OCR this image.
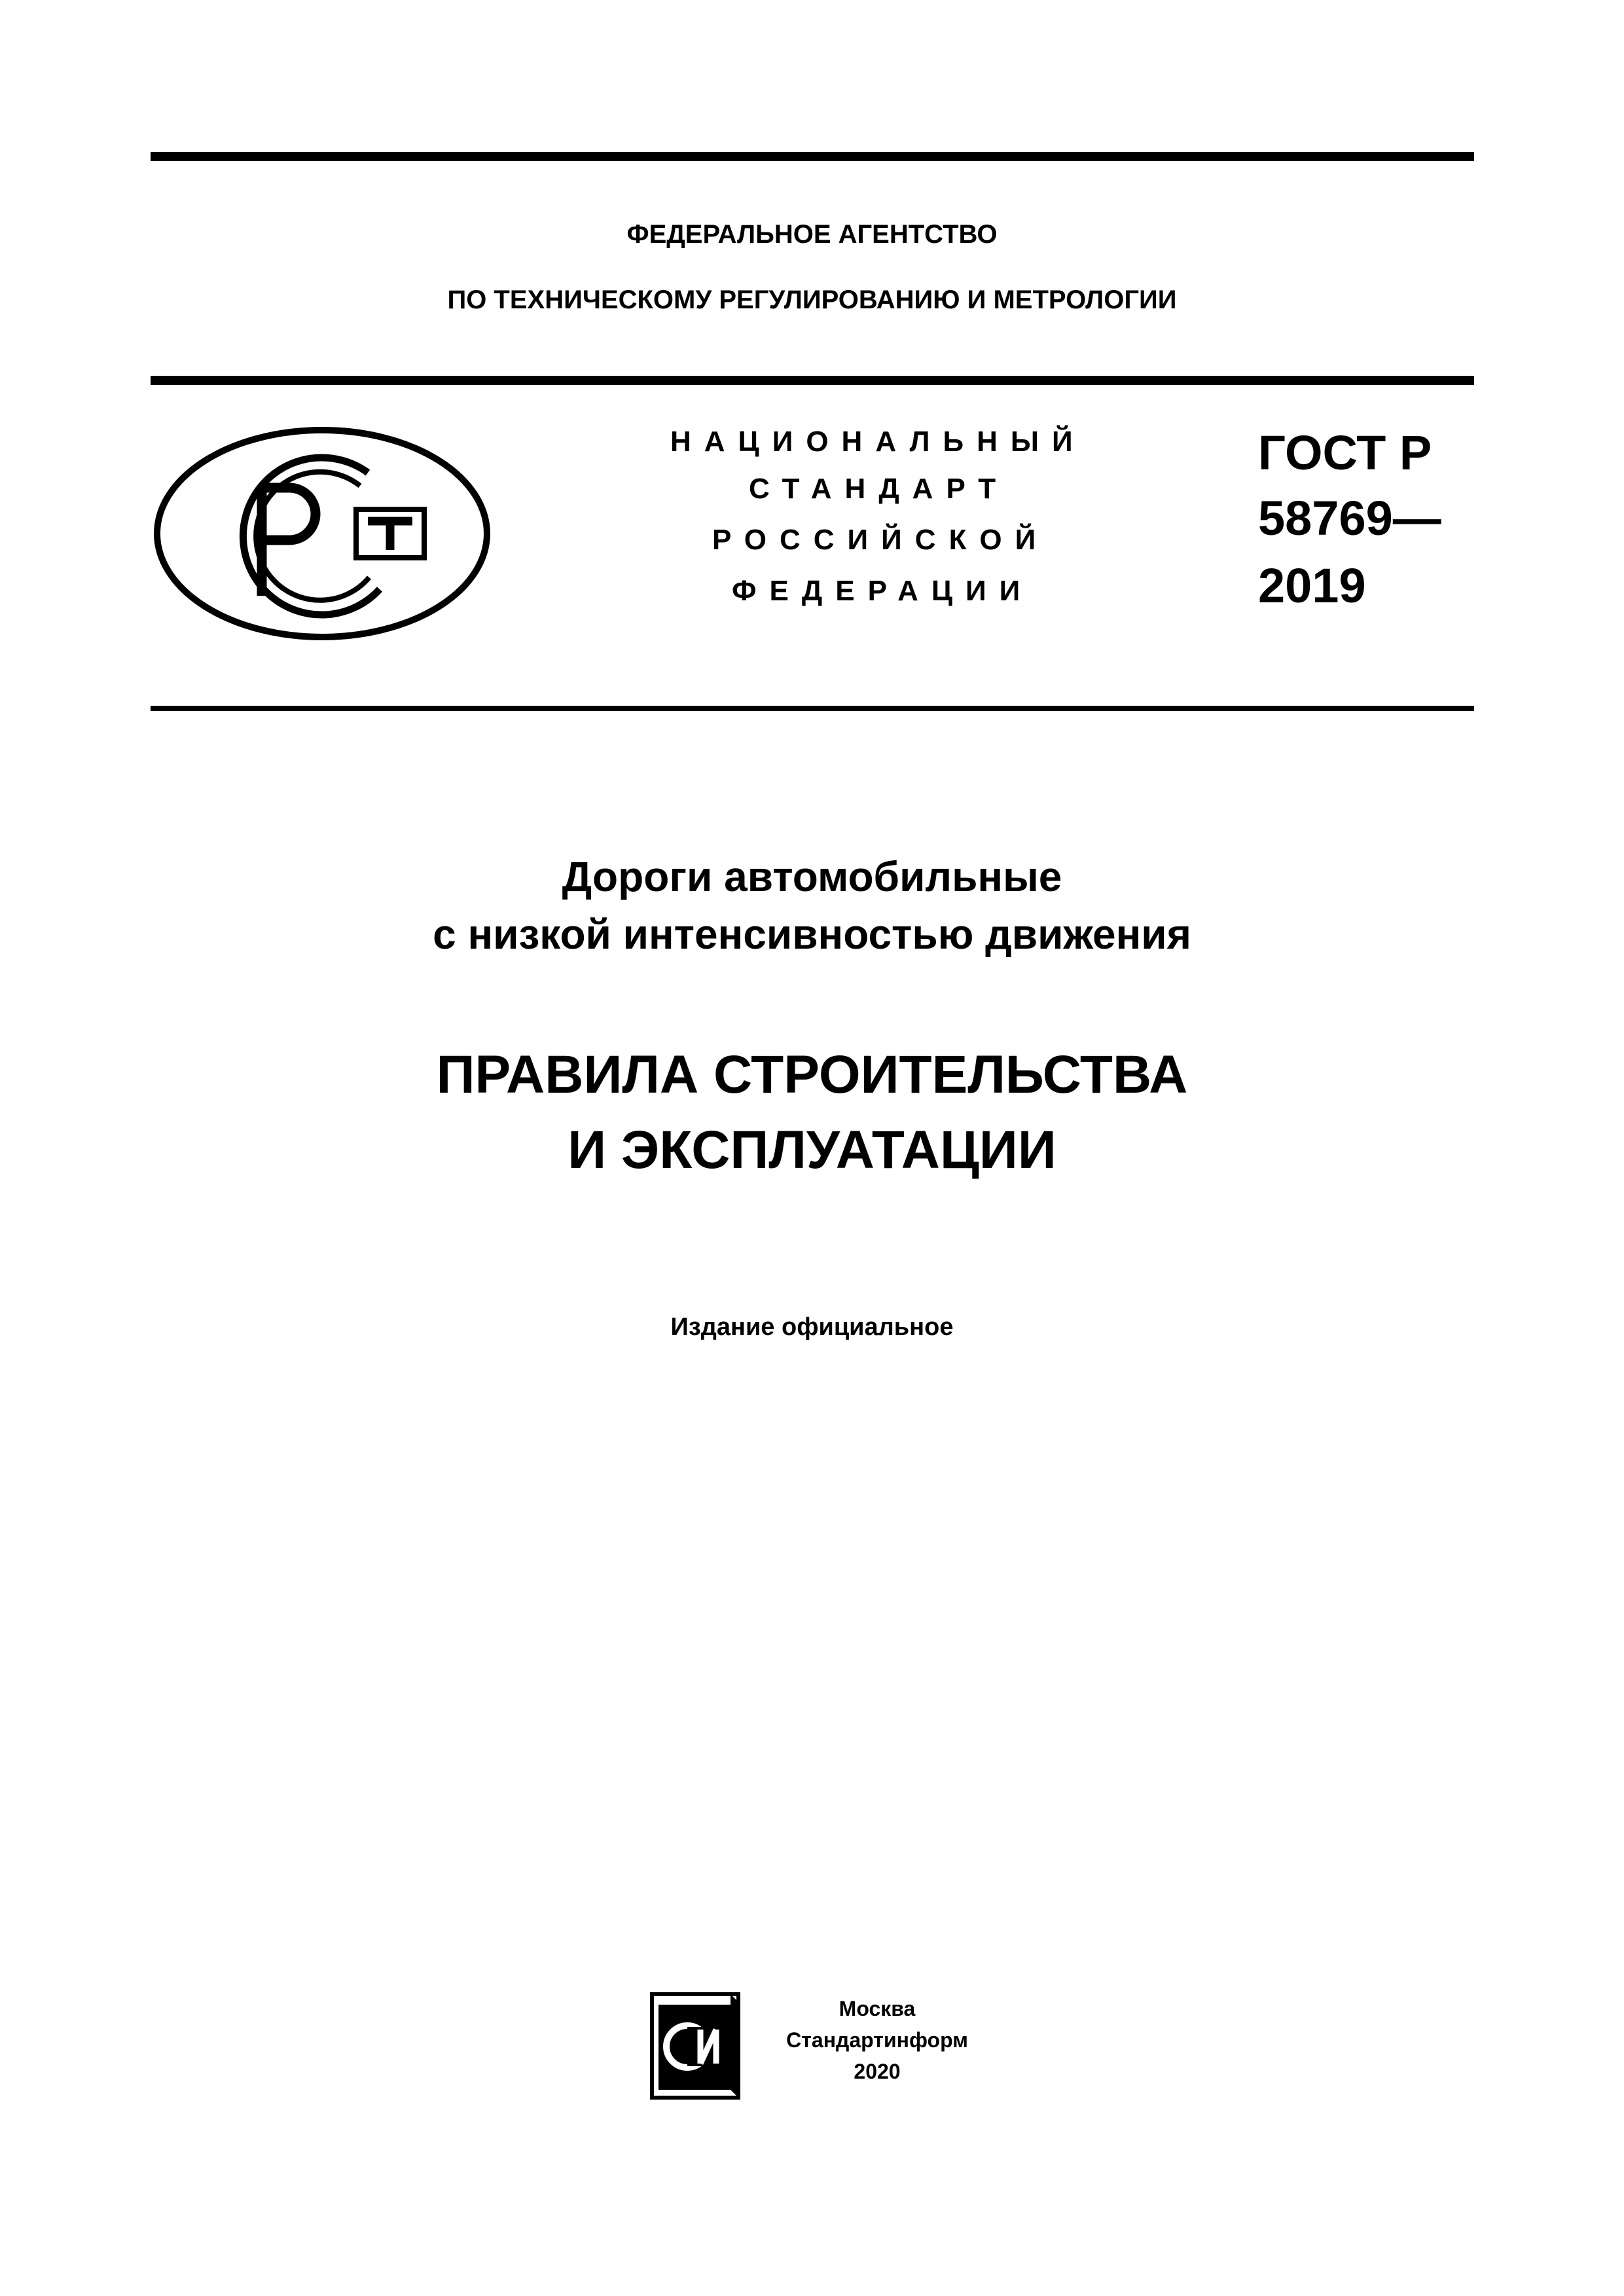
ФЕДЕРАЛЬНОЕ АГЕНТСТВО
ПО ТЕХНИЧЕСКОМУ РЕГУЛИРОВАНИЮ И МЕТРОЛОГИИ
НАЦИОНАЛЬНЫЙ
СТАНДАРТ
РОССИЙСКОЙ
ФЕДЕРАЦИИ
ГОСТ Р
58769—
2019
Дороги автомобильные
с низкой интенсивностью движения
ПРАВИЛА СТРОИТЕЛЬСТВА
И ЭКСПЛУАТАЦИИ
Издание официальное
Москва
Стандартинформ
2020
